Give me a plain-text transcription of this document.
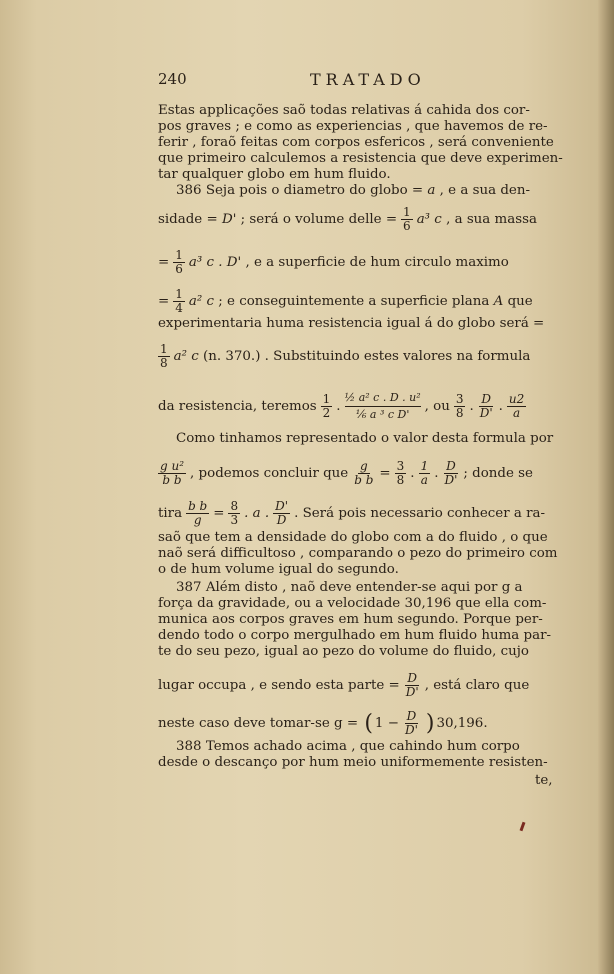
240	TRATADO
Estas applicações saõ todas relativas á cahida dos cor-
pos graves ; e como as experiencias , que havemos de re-
ferir , foraõ feitas com corpos esfericos , será conveniente
que primeiro calculemos a resistencia que deve experimen-
tar qualquer globo em hum fluido.
386 Seja pois o diametro do globo =
a
, e a sua den-
sidade =
D'
; será o volume delle = $\frac{1}{6} a^3$ c
, a sua massa
= $\frac{1}{6} a^3$ c . D'
, e a superficie de hum circulo maximo
= $\frac{1}{4} a^2$ c
; e conseguintemente a superficie plana
A
que
experimentaria huma resistencia igual á do globo será =
$\frac{1}{8} a^2$ c
(n. 370.) . Substituindo estes valores na formula
da resistencia, teremos $\frac{1}{2}$ .
½ a² c . D . u²
⅙ a ³ c D'
, ou $\frac{3}{8}$ . $\frac{D}{D'}$ . $\frac{u2}{a}$
Como tinhamos representado o valor desta formula por
$\frac{\text{g u²}}{\text{b b}}$ , podemos concluir que $\frac{g}{\text{b b}} = \frac{3}{8}$ . $\frac{1}{a}$ . $\frac{D}{D'}$ ; donde se
tira $\frac{\text{b b}}{g} = \frac{8}{3}$ . a . $\frac{D'}{D}$ . Será pois necessario conhecer a ra-
saõ que tem a densidade do globo com a do fluido , o que
naõ será difficultoso , comparando o pezo do primeiro com
o de hum volume igual do segundo.
387 Além disto , naõ deve entender-se aqui por g a
força da gravidade, ou a velocidade 30,196 que ella com-
munica aos corpos graves em hum segundo. Porque per-
dendo todo o corpo mergulhado em hum fluido huma par-
te do seu pezo, igual ao pezo do volume do fluido, cujo
lugar occupa , e sendo esta parte = $\frac{D}{D'}$ , está claro que
neste caso deve tomar-se g =
( 1
− $\frac{D}{D'}$ ) 30,196.
388 Temos achado acima , que cahindo hum corpo
desde o descanço por hum meio uniformemente resisten-
te,
